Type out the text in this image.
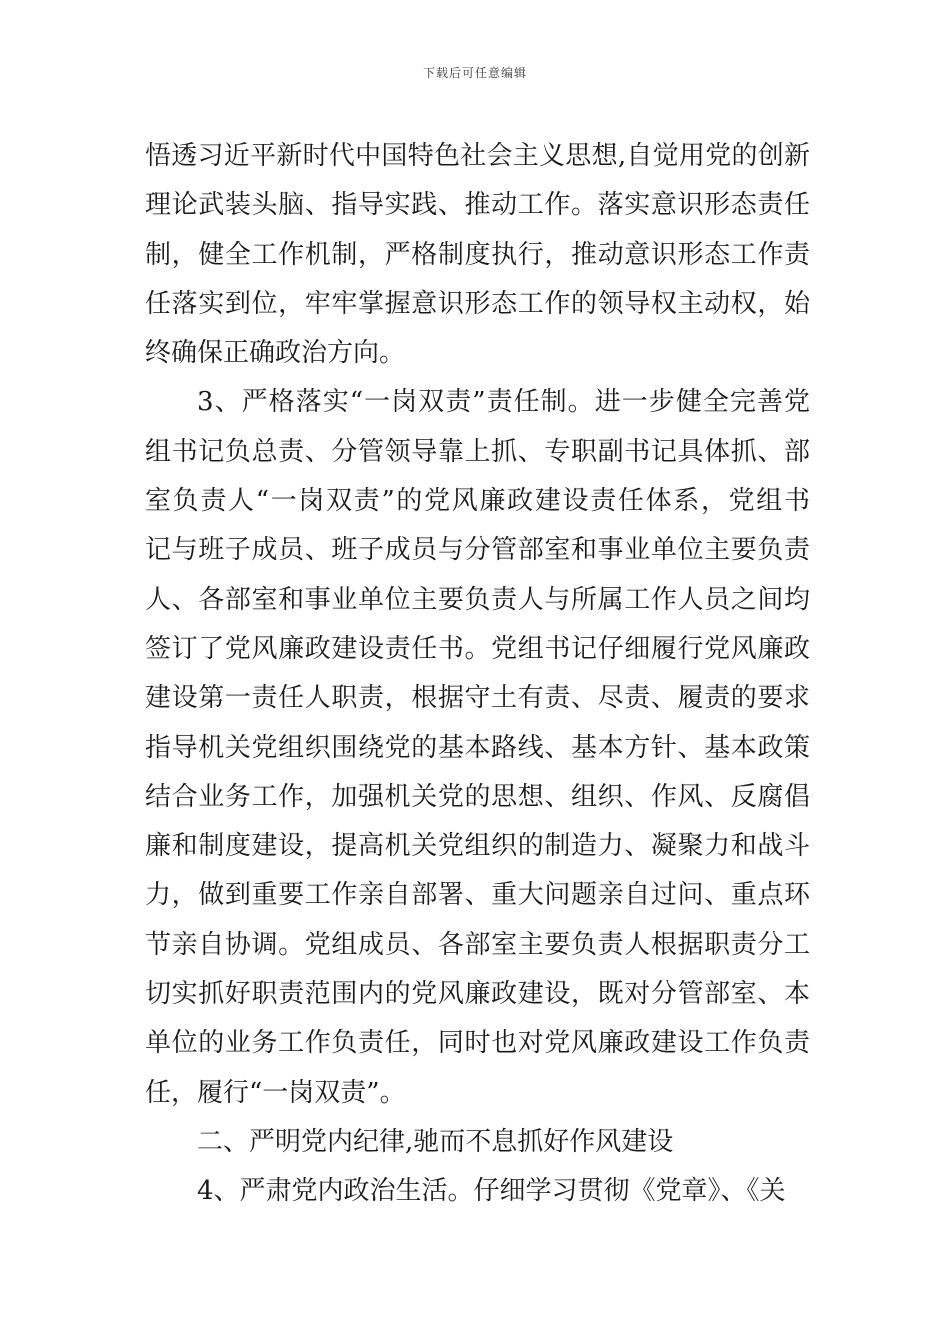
下载后可任意编辑
悟透习近平新时代中国特色社会主义思想,自觉用党的创新
理论武装头脑、指导实践、推动工作。落实意识形态责任
制，健全工作机制，严格制度执行，推动意识形态工作责
任落实到位，牢牢掌握意识形态工作的领导权主动权，始
终确保正确政治方向。
3、严格落实“一岗双责”责任制。进一步健全完善党
组书记负总责、分管领导靠上抓、专职副书记具体抓、部
室负责人“一岗双责”的党风廉政建设责任体系，党组书
记与班子成员、班子成员与分管部室和事业单位主要负责
人、各部室和事业单位主要负责人与所属工作人员之间均
签订了党风廉政建设责任书。党组书记仔细履行党风廉政
建设第一责任人职责，根据守土有责、尽责、履责的要求
指导机关党组织围绕党的基本路线、基本方针、基本政策
结合业务工作，加强机关党的思想、组织、作风、反腐倡
廉和制度建设，提高机关党组织的制造力、凝聚力和战斗
力，做到重要工作亲自部署、重大问题亲自过问、重点环
节亲自协调。党组成员、各部室主要负责人根据职责分工
切实抓好职责范围内的党风廉政建设，既对分管部室、本
单位的业务工作负责任，同时也对党风廉政建设工作负责
任，履行“一岗双责”。
二、严明党内纪律,驰而不息抓好作风建设
4、严肃党内政治生活。仔细学习贯彻《党章》、《关
